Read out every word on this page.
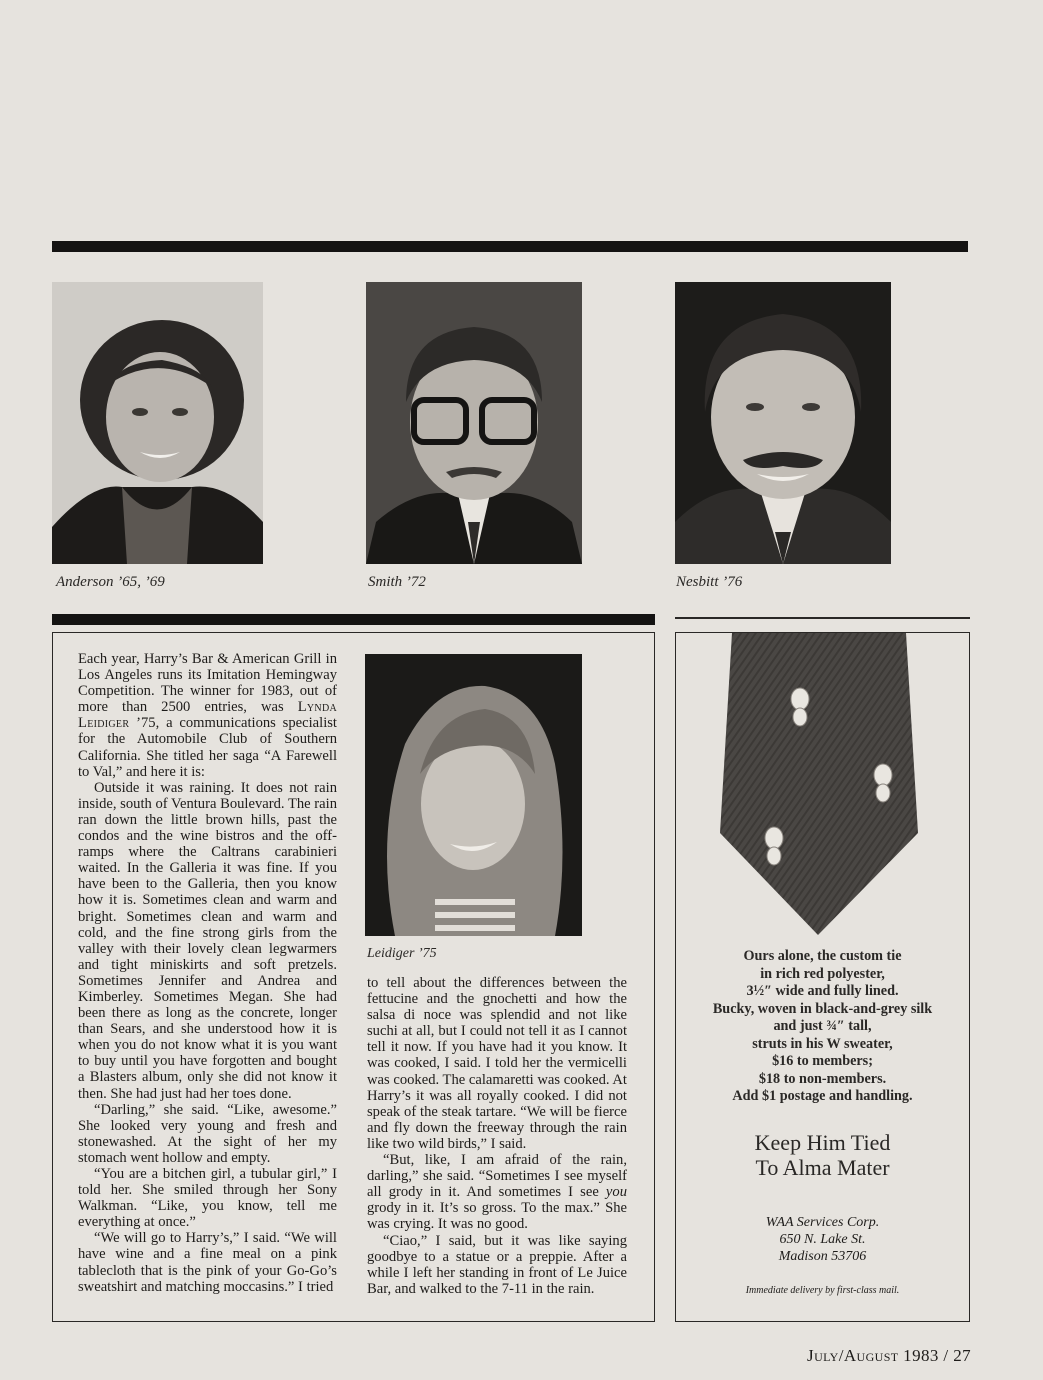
Anderson ’65, ’69	Smith ’72	Nesbitt ’76

Each year, Harry’s Bar & American Grill in Los Angeles runs its Imitation Hemingway Competition. The winner for 1983, out of more than 2500 entries, was Lynda Leidiger ’75, a communications specialist for the Automobile Club of Southern California. She titled her saga “A Farewell to Val,” and here it is:

Outside it was raining. It does not rain inside, south of Ventura Boulevard. The rain ran down the little brown hills, past the condos and the wine bistros and the off-ramps where the Caltrans carabinieri waited. In the Galleria it was fine. If you have been to the Galleria, then you know how it is. Sometimes clean and warm and bright. Sometimes clean and warm and cold, and the fine strong girls from the valley with their lovely clean legwarmers and tight miniskirts and soft pretzels. Sometimes Jennifer and Andrea and Kimberley. Sometimes Megan. She had been there as long as the concrete, longer than Sears, and she understood how it is when you do not know what it is you want to buy until you have forgotten and bought a Blasters album, only she did not know it then. She had just had her toes done.

“Darling,” she said. “Like, awesome.” She looked very young and fresh and stonewashed. At the sight of her my stomach went hollow and empty.

“You are a bitchen girl, a tubular girl,” I told her. She smiled through her Sony Walkman. “Like, you know, tell me everything at once.”

“We will go to Harry’s,” I said. “We will have wine and a fine meal on a pink tablecloth that is the pink of your Go-Go’s sweatshirt and matching moccasins.” I tried

Leidiger ’75

to tell about the differences between the fettucine and the gnochetti and how the salsa di noce was splendid and not like suchi at all, but I could not tell it as I cannot tell it now. If you have had it you know. It was cooked, I said. I told her the vermicelli was cooked. The calamaretti was cooked. At Harry’s it was all royally cooked. I did not speak of the steak tartare. “We will be fierce and fly down the freeway through the rain like two wild birds,” I said.

“But, like, I am afraid of the rain, darling,” she said. “Sometimes I see myself all grody in it. And sometimes I see you grody in it. It’s so gross. To the max.” She was crying. It was no good.

“Ciao,” I said, but it was like saying goodbye to a statue or a preppie. After a while I left her standing in front of Le Juice Bar, and walked to the 7-11 in the rain.

Ours alone, the custom tie
in rich red polyester,
3½″ wide and fully lined.
Bucky, woven in black-and-grey silk
and just ¾″ tall,
struts in his W sweater,
$16 to members;
$18 to non-members.
Add $1 postage and handling.
Keep Him Tied
To Alma Mater
WAA Services Corp.
650 N. Lake St.
Madison 53706
Immediate delivery by first-class mail.
July/August 1983 / 27
